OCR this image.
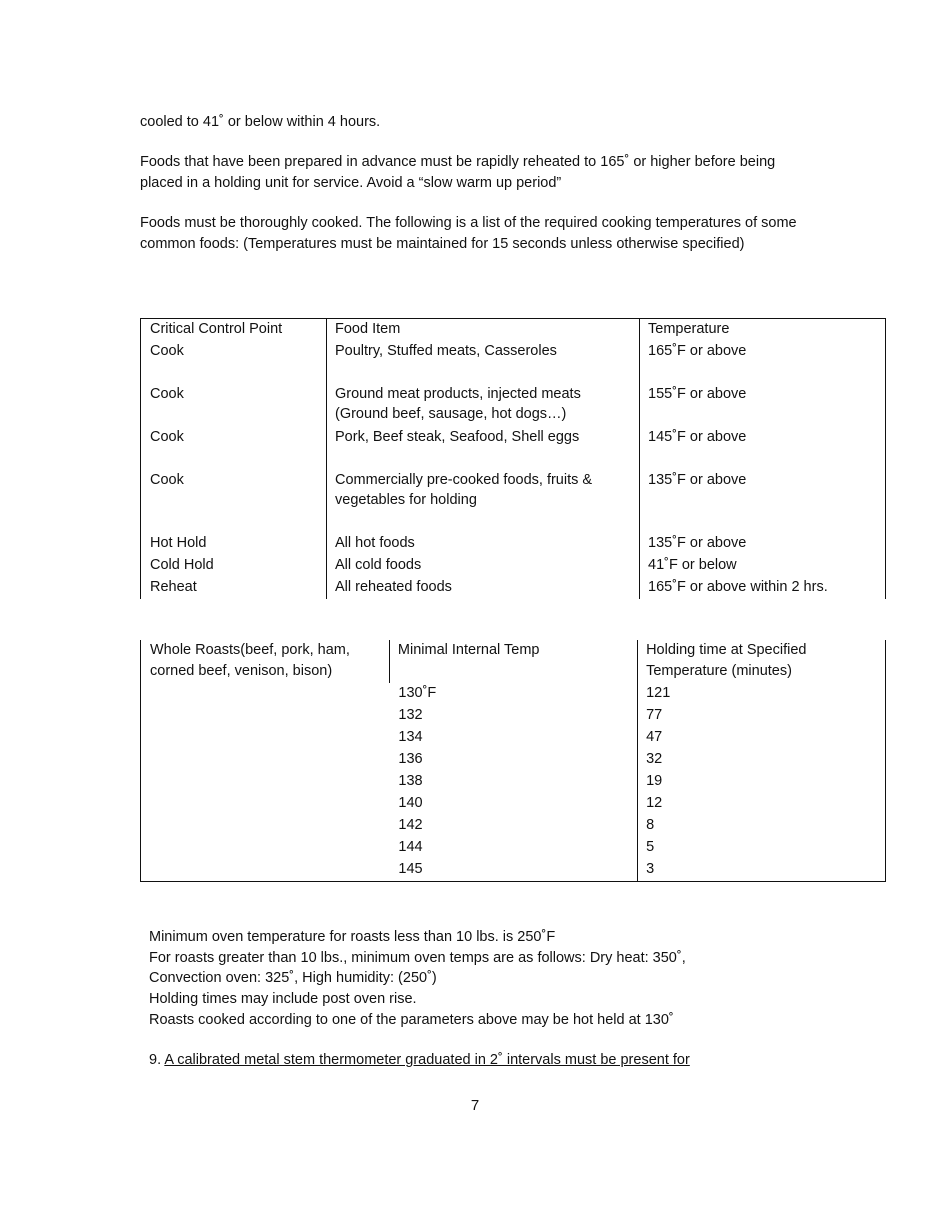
cooled to 41˚ or below within 4 hours.

Foods that have been prepared in advance must be rapidly reheated to 165˚ or higher before being placed in a holding unit for service. Avoid a “slow warm up period”

Foods must be thoroughly cooked. The following is a list of the required cooking temperatures of some common foods: (Temperatures must be maintained for 15 seconds unless otherwise specified)

Critical Control Point	Food Item	Temperature
Cook	Poultry, Stuffed meats, Casseroles	165˚F or above
Cook	Ground meat products, injected meats (Ground beef, sausage, hot dogs…)	155˚F or above
Cook	Pork, Beef steak, Seafood, Shell eggs	145˚F or above
Cook	Commercially pre-cooked foods, fruits & vegetables for holding	135˚F or above
Hot Hold	All hot foods	135˚F or above
Cold Hold	All cold foods	41˚F or below
Reheat	All reheated foods	165˚F or above within 2 hrs.
Whole Roasts(beef, pork, ham, corned beef, venison, bison)	Minimal Internal Temp	Holding time at Specified Temperature (minutes)
	130˚F	121
	132	77
	134	47
	136	32
	138	19
	140	12
	142	8
	144	5
	145	3
Minimum oven temperature for roasts less than 10 lbs. is 250˚F
For roasts greater than 10 lbs., minimum oven temps are as follows: Dry heat: 350˚,
Convection oven: 325˚, High humidity: (250˚)
Holding times may include post oven rise.
Roasts cooked according to one of the parameters above may be hot held at 130˚
9. A calibrated metal stem thermometer graduated in 2˚ intervals must be present for
7
